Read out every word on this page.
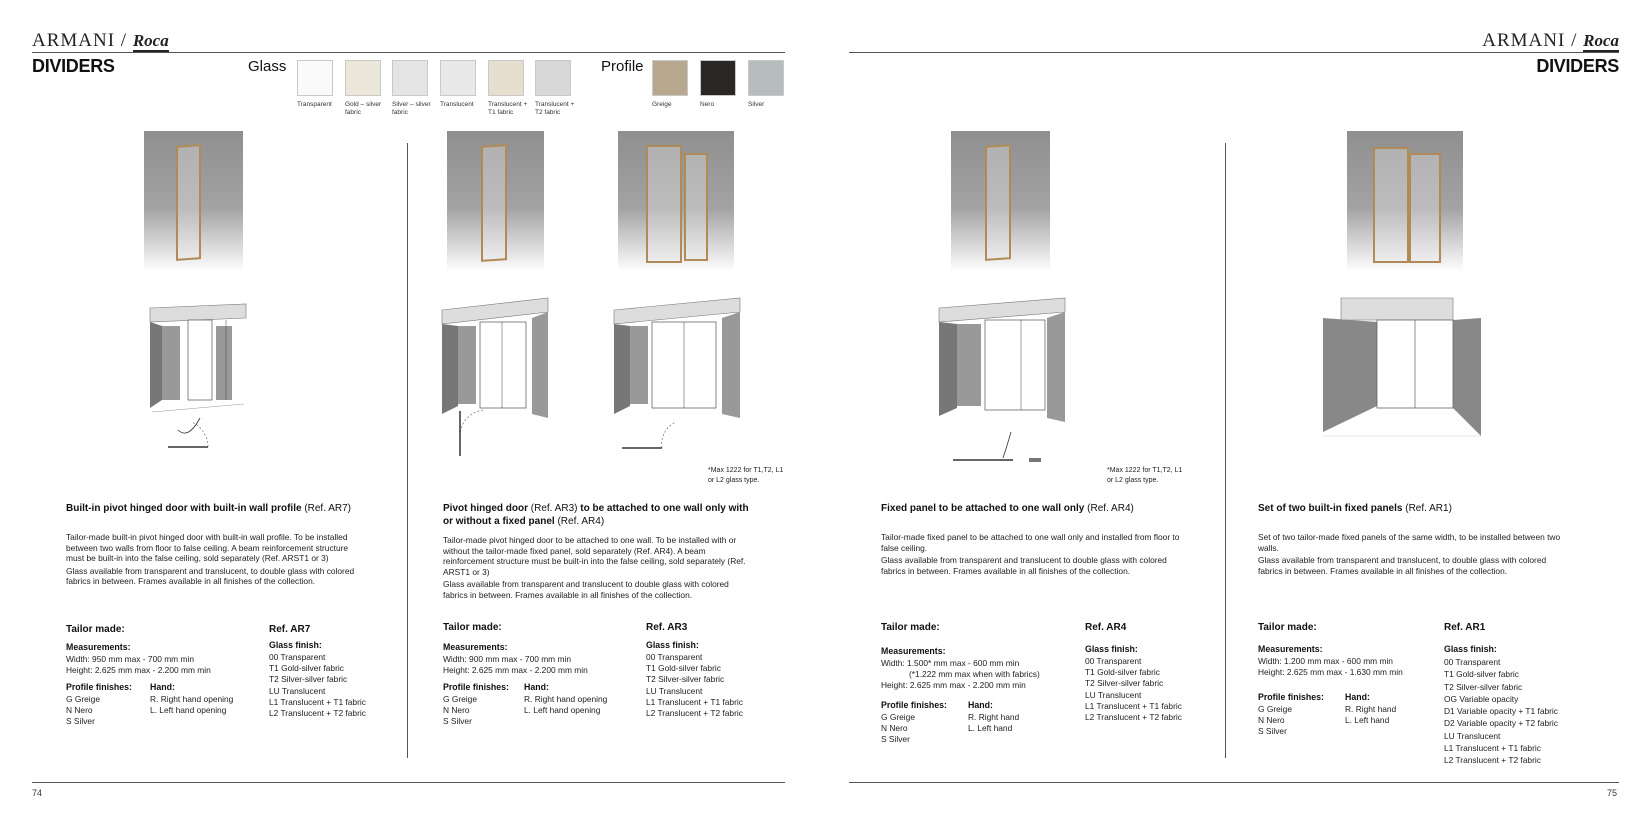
ARMANI / Roca
DIVIDERS	Glass
Transparent	Gold – silver fabric
Silver – silver fabric
Translucent	Translucent + T1 fabric
Translucent + T2 fabric
Profile
Greige	Nero	Silver
*Max 1222 for T1,T2, L1 or L2 glass type.
Built-in pivot hinged door with built-in wall profile (Ref. AR7)

Tailor-made built-in pivot hinged door with built-in wall profile. To be installed between two walls from floor to false ceiling. A beam reinforcement structure must be built-in into the false ceiling, sold separately (Ref. ARST1 or 3)

Glass available from transparent and translucent, to double glass with colored fabrics in between. Frames available in all finishes of the collection.

Tailor made:
Measurements:
Width: 950 mm max - 700 mm min
Height: 2.625 mm max - 2.200 mm min
Profile finishes:
G Greige
N Nero
S Silver
Hand:
R. Right hand opening
L. Left hand opening
Ref. AR7
Glass finish:
00 Transparent
T1 Gold-silver fabric
T2 Silver-silver fabric
LU Translucent
L1 Translucent + T1 fabric
L2 Translucent + T2 fabric
Pivot hinged door (Ref. AR3) to be attached to one wall only with or without a fixed panel (Ref. AR4)

Tailor-made pivot hinged door to be attached to one wall. To be installed with or without the tailor-made fixed panel, sold separately (Ref. AR4). A beam reinforcement structure must be built-in into the false ceiling, sold separately (Ref. ARST1 or 3)

Glass available from transparent and translucent to double glass with colored fabrics in between. Frames available in all finishes of the collection.

Tailor made:
Measurements:
Width: 900 mm max - 700 mm min
Height: 2.625 mm max - 2.200 mm min
Profile finishes:
G Greige
N Nero
S Silver
Hand:
R. Right hand opening
L. Left hand opening
Ref. AR3
Glass finish:
00 Transparent
T1 Gold-silver fabric
T2 Silver-silver fabric
LU Translucent
L1 Translucent + T1 fabric
L2 Translucent + T2 fabric
74
ARMANI / Roca
DIVIDERS
*Max 1222 for T1,T2, L1 or L2 glass type.
Fixed panel to be attached to one wall only (Ref. AR4)

Tailor-made fixed panel to be attached to one wall only and installed from floor to false ceiling.

Glass available from transparent and translucent to double glass with colored fabrics in between. Frames available in all finishes of the collection.

Tailor made:
Measurements:
Width: 1.500* mm max - 600 mm min
(*1.222 mm max when with fabrics)
Height: 2.625 mm max - 2.200 mm min
Profile finishes:
G Greige
N Nero
S Silver
Hand:
R. Right hand
L. Left hand
Ref. AR4
Glass finish:
00 Transparent
T1 Gold-silver fabric
T2 Silver-silver fabric
LU Translucent
L1 Translucent + T1 fabric
L2 Translucent + T2 fabric
Set of two built-in fixed panels (Ref. AR1)

Set of two tailor-made fixed panels of the same width, to be installed between two walls.

Glass available from transparent and translucent, to double glass with colored fabrics in between. Frames available in all finishes of the collection.

Tailor made:
Measurements:
Width: 1.200 mm max - 600 mm min
Height: 2.625 mm max - 1.630 mm min
Profile finishes:
G Greige
N Nero
S Silver
Hand:
R. Right hand
L. Left hand
Ref. AR1
Glass finish:
00 Transparent
T1 Gold-silver fabric
T2 Silver-silver fabric
OG Variable opacity
D1 Variable opacity + T1 fabric
D2 Variable opacity + T2 fabric
LU Translucent
L1 Translucent + T1 fabric
L2 Translucent + T2 fabric
75
